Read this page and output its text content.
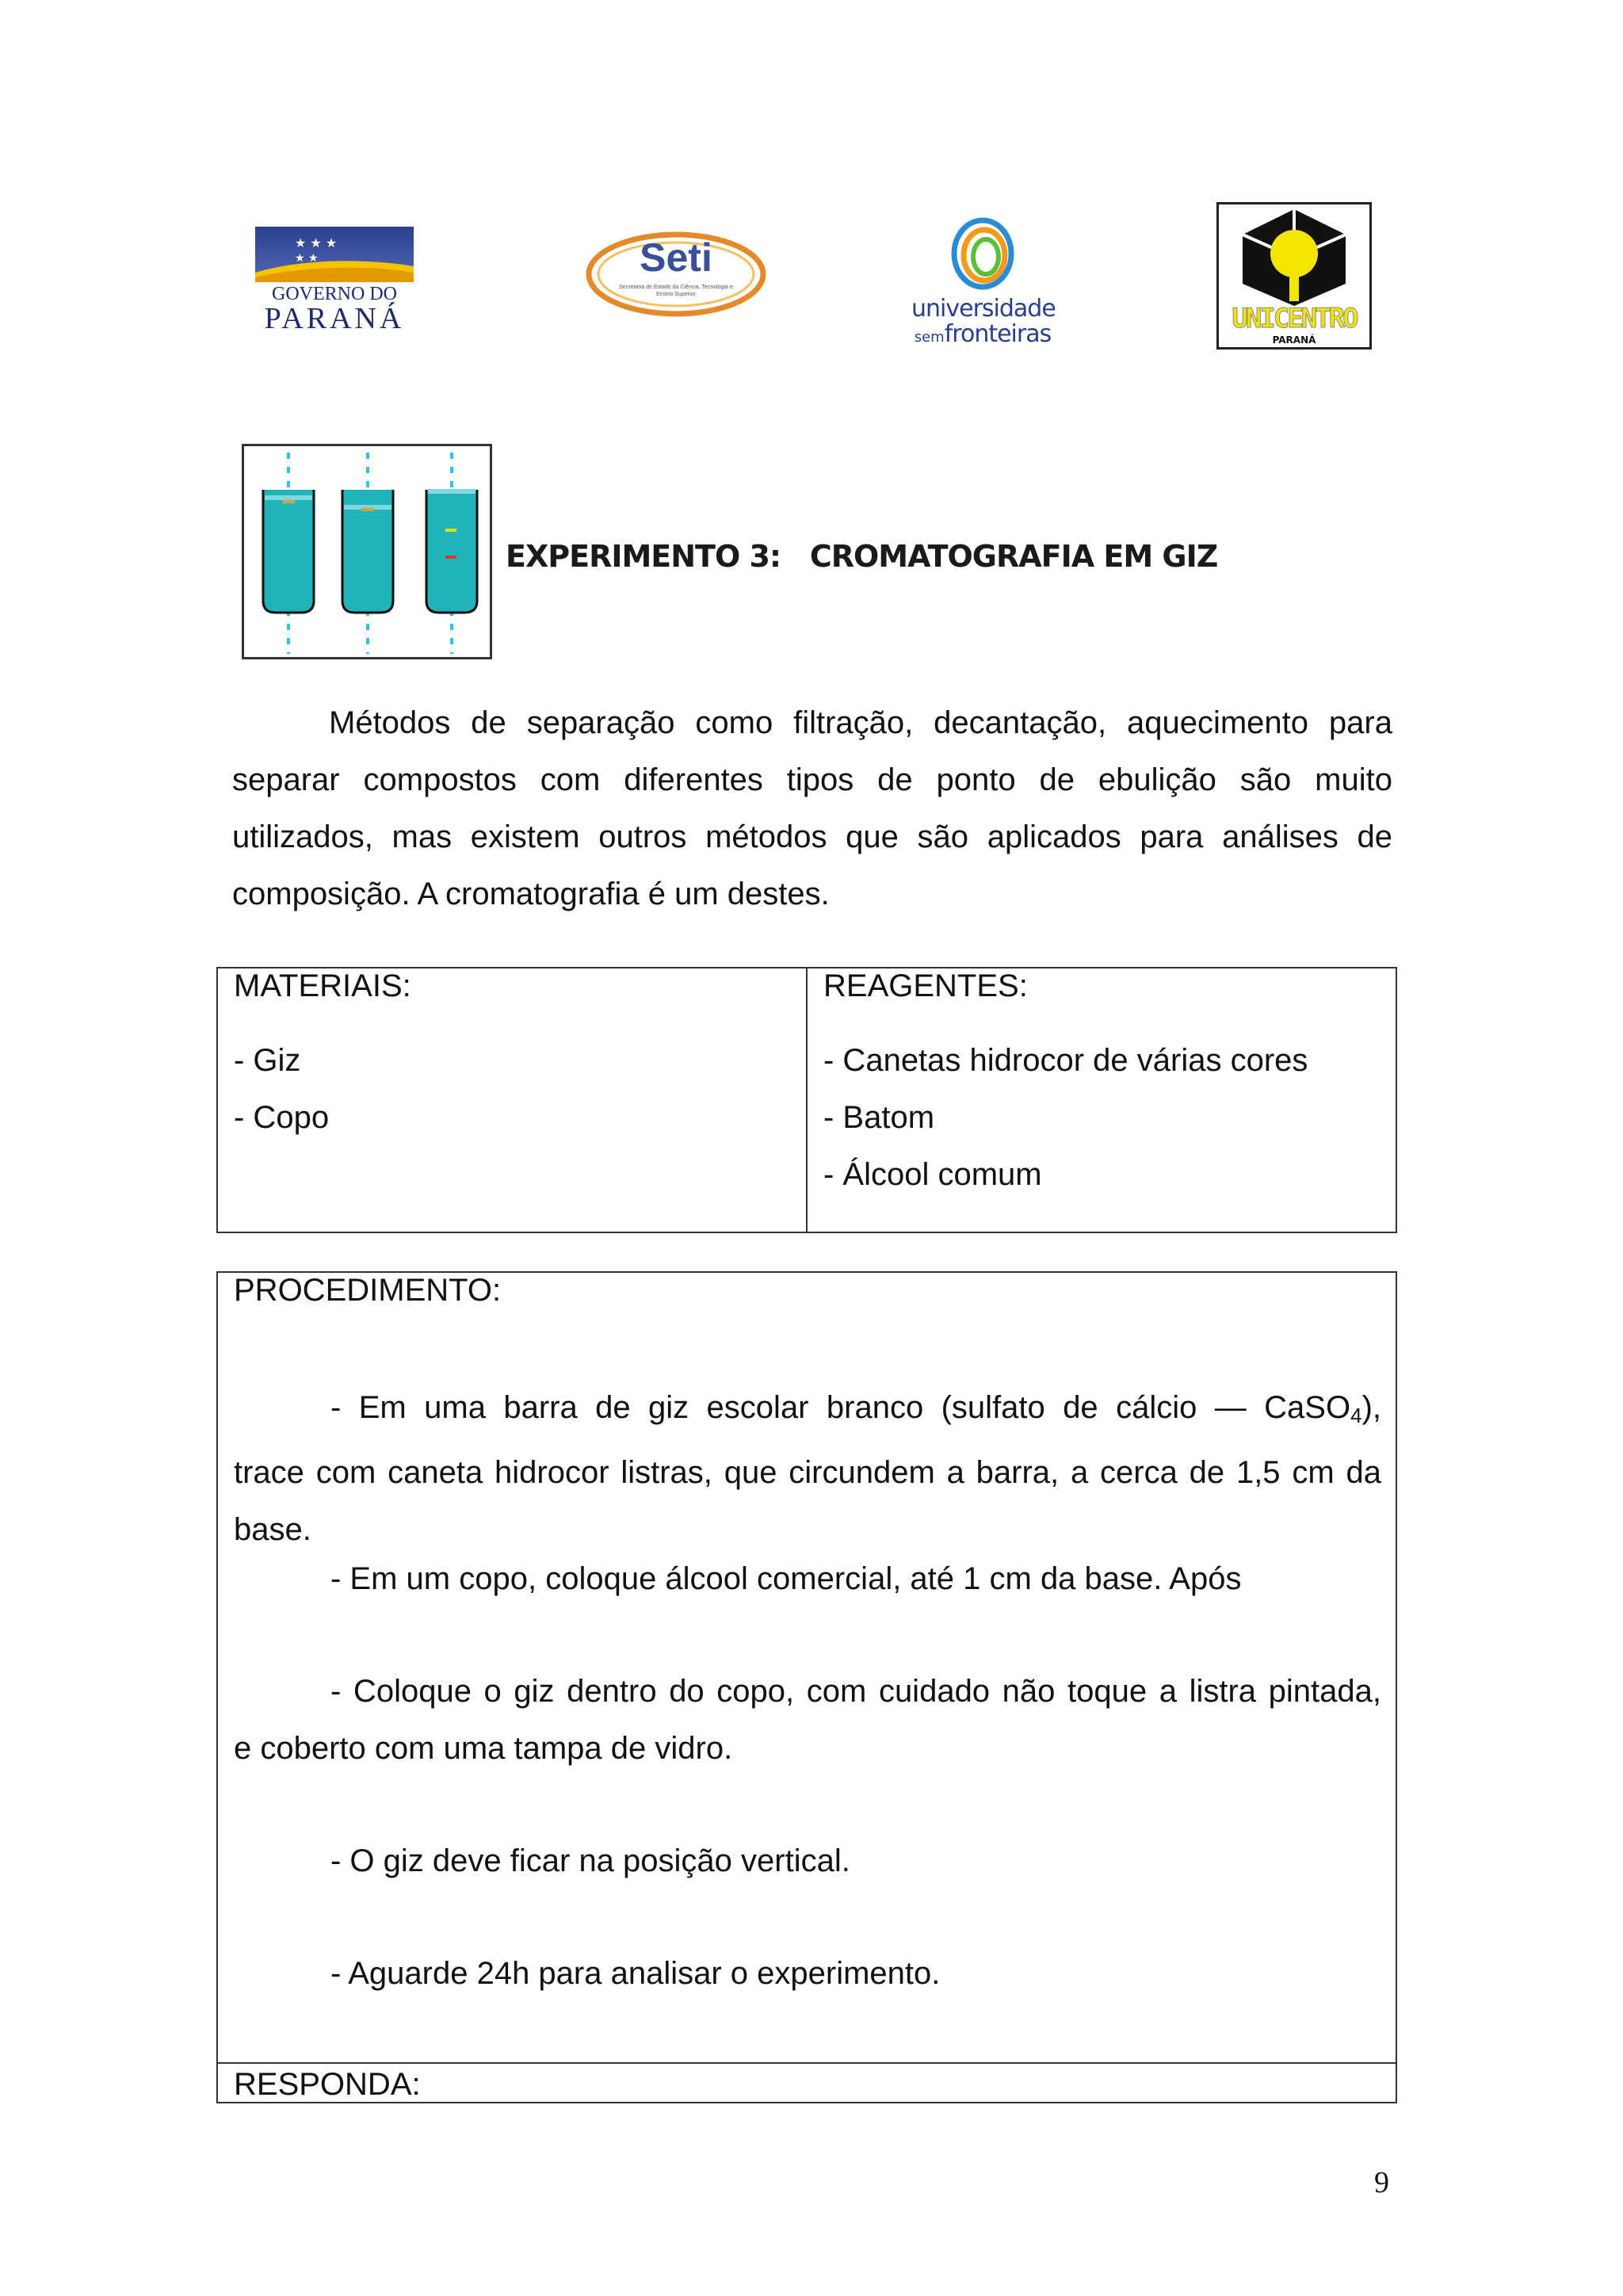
★ ★ ★
★ ★
GOVERNO DO
PARANÁ
Seti
Secretaria de Estado da Ciência, Tecnologia e Ensino Superior
universidade
semfronteiras	UNICENTRO
PARANÁ
EXPERIMENTO 3: CROMATOGRAFIA EM GIZ
Métodos de separação como filtração, decantação, aquecimento para
separar compostos com diferentes tipos de ponto de ebulição são muito
utilizados, mas existem outros métodos que são aplicados para análises de
composição. A cromatografia é um destes.
MATERIAIS:
- Giz
- Copo
REAGENTES:
- Canetas hidrocor de várias cores
- Batom
- Álcool comum
PROCEDIMENTO:
- Em uma barra de giz escolar branco (sulfato de cálcio — CaSO$_4$),
trace com caneta hidrocor listras, que circundem a barra, a cerca de 1,5 cm da
base.
- Em um copo, coloque álcool comercial, até 1 cm da base. Após
- Coloque o giz dentro do copo, com cuidado não toque a listra pintada,
e coberto com uma tampa de vidro.
- O giz deve ficar na posição vertical.
- Aguarde 24h para analisar o experimento.
RESPONDA:
9
